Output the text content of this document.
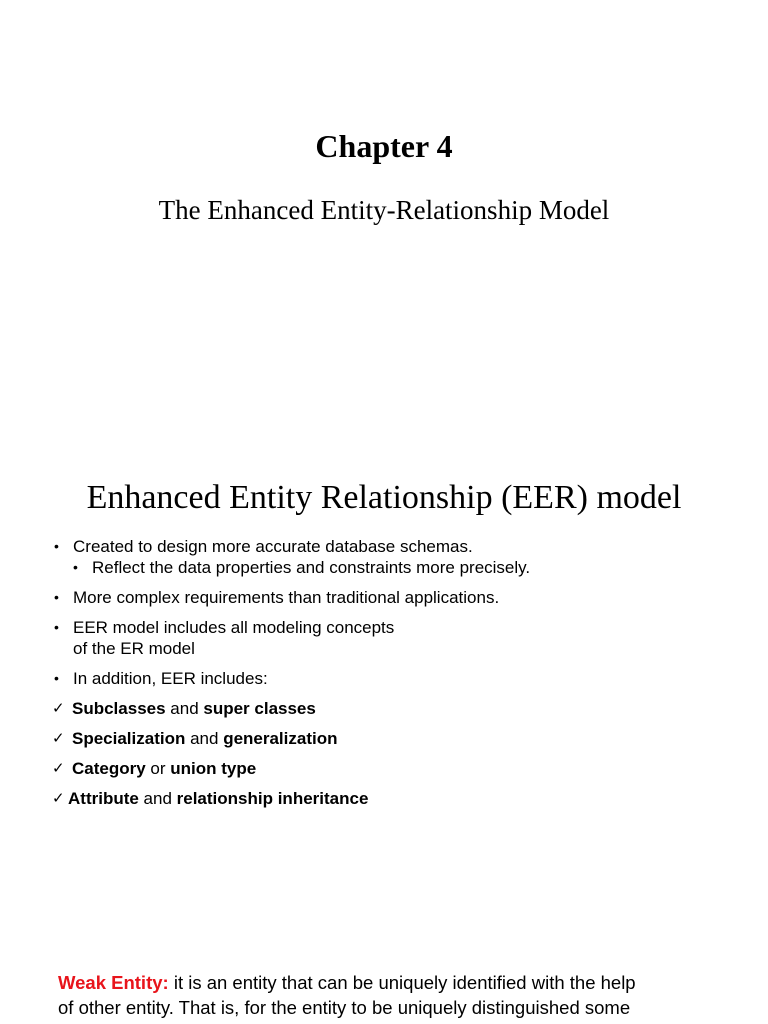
Chapter 4
The Enhanced Entity-Relationship Model
Enhanced Entity Relationship (EER) model
• Created to design more accurate database schemas.
• Reflect the data properties and constraints more precisely.
• More complex requirements than traditional applications.
• EER model includes all modeling concepts
of the ER model
• In addition, EER includes:
✓ Subclasses and super classes
✓ Specialization and generalization
✓ Category or union type
✓ Attribute and relationship inheritance
Weak Entity: it is an entity that can be uniquely identified with the help
of other entity. That is, for the entity to be uniquely distinguished some
